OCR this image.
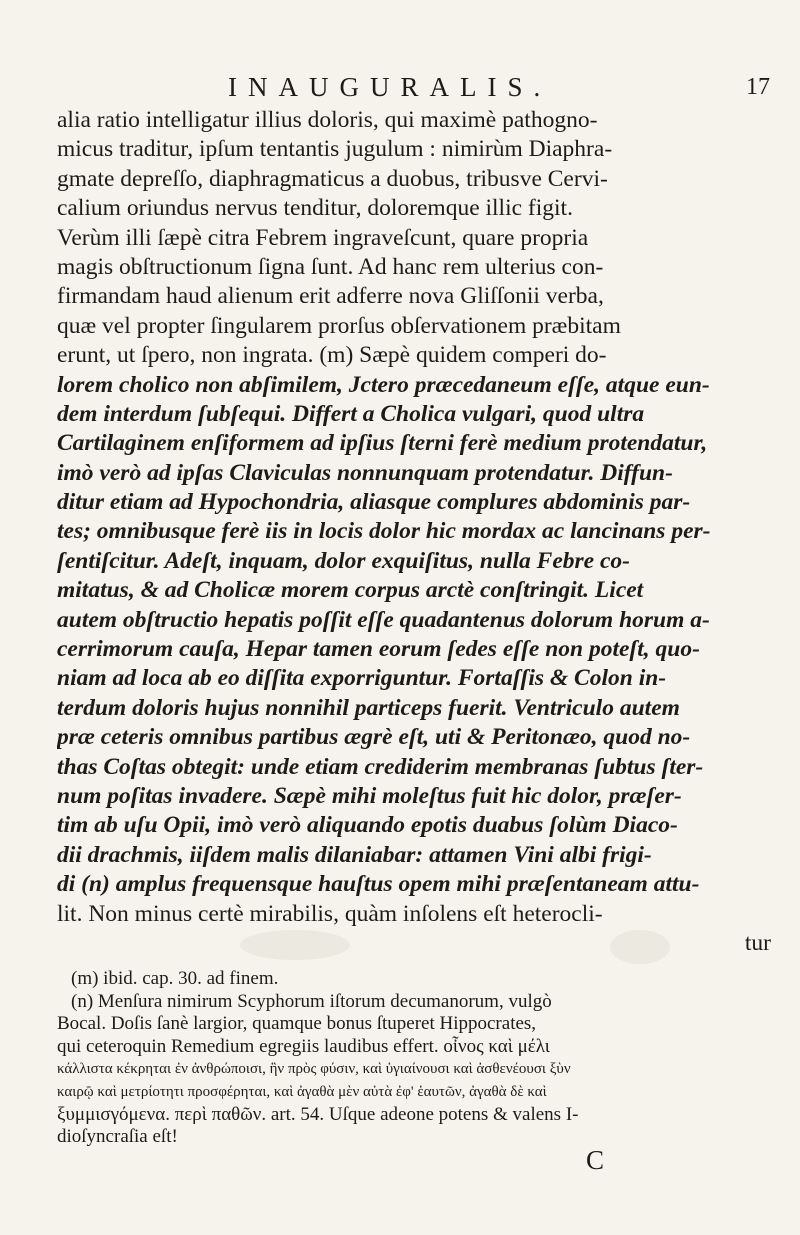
INAUGURALIS.	17
alia ratio intelligatur illius doloris, qui maximè pathogno-
micus traditur, ipſum tentantis jugulum : nimirùm Diaphra-
gmate depreſſo, diaphragmaticus a duobus, tribusve Cervi-
calium oriundus nervus tenditur, doloremque illic figit.
Verùm illi ſæpè citra Febrem ingraveſcunt, quare propria
magis obſtructionum ſigna ſunt. Ad hanc rem ulterius con-
firmandam haud alienum erit adferre nova Gliſſonii verba,
quæ vel propter ſingularem prorſus obſervationem præbitam
erunt, ut ſpero, non ingrata. (m) Sæpè quidem comperi do-
lorem cholico non abſimilem, Jctero præcedaneum eſſe, atque eun-
dem interdum ſubſequi. Differt a Cholica vulgari, quod ultra
Cartilaginem enſiformem ad ipſius ſterni ferè medium protendatur,
imò verò ad ipſas Claviculas nonnunquam protendatur. Diffun-
ditur etiam ad Hypochondria, aliasque complures abdominis par-
tes; omnibusque ferè iis in locis dolor hic mordax ac lancinans per-
ſentiſcitur. Adeſt, inquam, dolor exquiſitus, nulla Febre co-
mitatus, & ad Cholicæ morem corpus arctè conſtringit. Licet
autem obſtructio hepatis poſſit eſſe quadantenus dolorum horum a-
cerrimorum cauſa, Hepar tamen eorum ſedes eſſe non poteſt, quo-
niam ad loca ab eo diſſita exporriguntur. Fortaſſis & Colon in-
terdum doloris hujus nonnihil particeps fuerit. Ventriculo autem
præ ceteris omnibus partibus ægrè eſt, uti & Peritonæo, quod no-
thas Coſtas obtegit: unde etiam crediderim membranas ſubtus ſter-
num poſitas invadere. Sæpè mihi moleſtus fuit hic dolor, præſer-
tim ab uſu Opii, imò verò aliquando epotis duabus ſolùm Diaco-
dii drachmis, iiſdem malis dilaniabar: attamen Vini albi frigi-
di (n) amplus frequensque hauſtus opem mihi præſentaneam attu-
lit. Non minus certè mirabilis, quàm inſolens eſt heterocli-
tur
(m) ibid. cap. 30. ad finem.
(n) Menſura nimirum Scyphorum iſtorum decumanorum, vulgò
Bocal. Doſis ſanè largior, quamque bonus ſtuperet Hippocrates,
qui ceteroquin Remedium egregiis laudibus effert. οἶνος καὶ μέλι
κάλλιστα κέκρηται ἐν ἀνθρώποισι, ἣν πρὸς φύσιν, καὶ ὑγιαίνουσι καὶ ἀσθενέουσι ξὺν
καιρῷ καὶ μετρίοτητι προσφέρηται, καὶ ἀγαθὰ μὲν αὐτὰ ἐφ' ἑαυτῶν, ἀγαθὰ δὲ καὶ
ξυμμισγόμενα. περὶ παθῶν. art. 54. Uſque adeone potens & valens I-
dioſyncraſia eſt!
C
